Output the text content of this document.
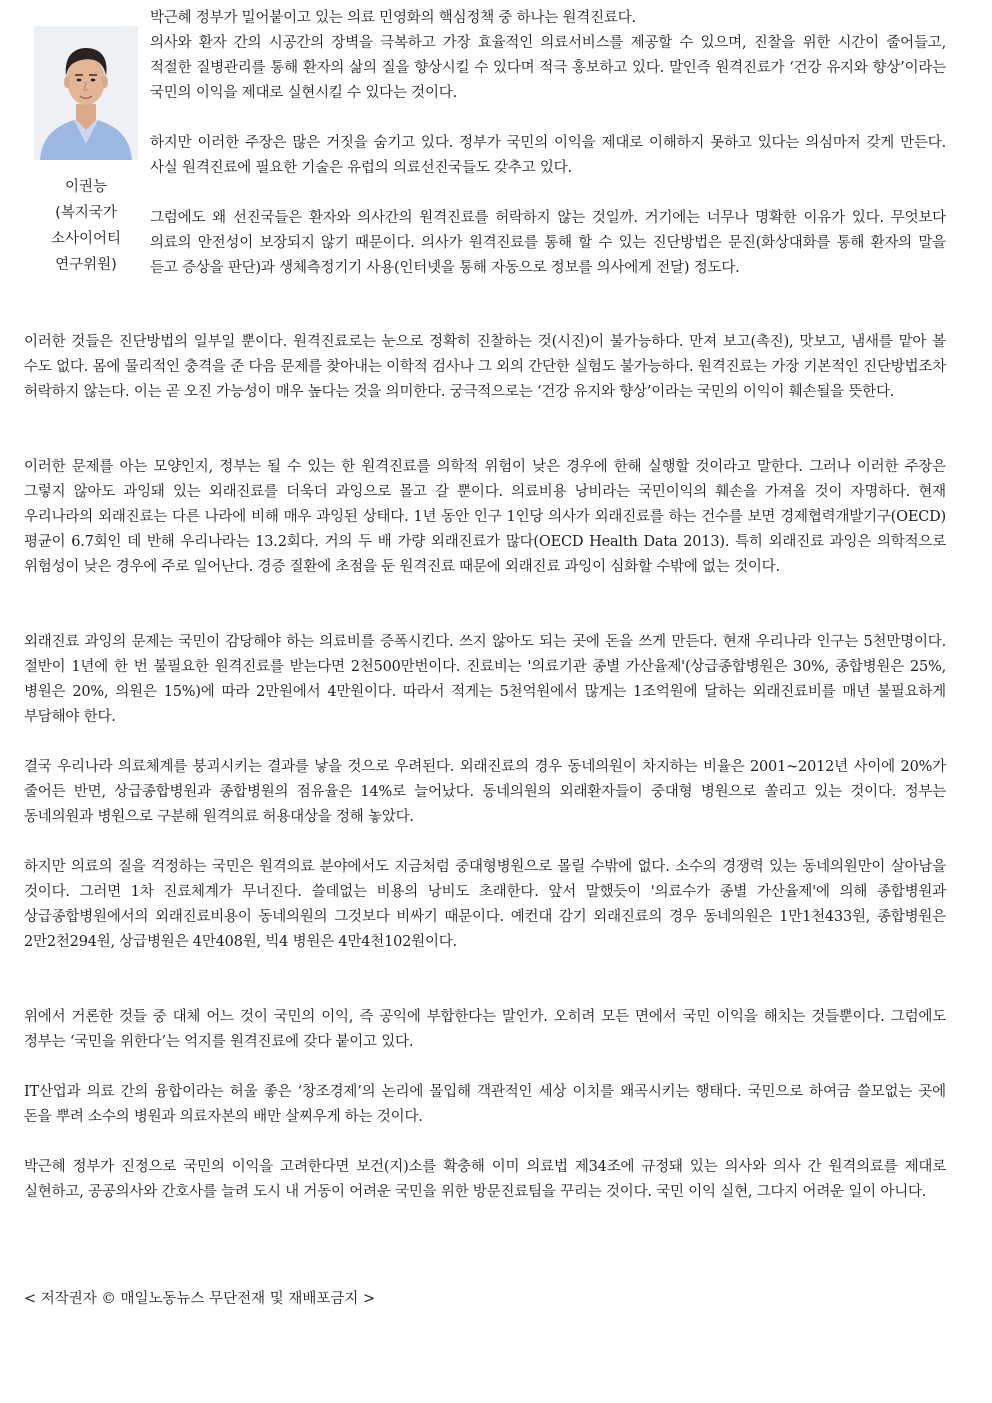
이권능
(복지국가
소사이어티
연구위원)

박근혜 정부가 밀어붙이고 있는 의료 민영화의 핵심정책 중 하나는 원격진료다.

의사와 환자 간의 시공간의 장벽을 극복하고 가장 효율적인 의료서비스를 제공할 수 있으며, 진찰을 위한 시간이 줄어들고, 적절한 질병관리를 통해 환자의 삶의 질을 향상시킬 수 있다며 적극 홍보하고 있다. 말인즉 원격진료가 ‘건강 유지와 향상’이라는 국민의 이익을 제대로 실현시킬 수 있다는 것이다.

하지만 이러한 주장은 많은 거짓을 숨기고 있다. 정부가 국민의 이익을 제대로 이해하지 못하고 있다는 의심마저 갖게 만든다. 사실 원격진료에 필요한 기술은 유럽의 의료선진국들도 갖추고 있다.

그럼에도 왜 선진국들은 환자와 의사간의 원격진료를 허락하지 않는 것일까. 거기에는 너무나 명확한 이유가 있다. 무엇보다 의료의 안전성이 보장되지 않기 때문이다. 의사가 원격진료를 통해 할 수 있는 진단방법은 문진(화상대화를 통해 환자의 말을 듣고 증상을 판단)과 생체측정기기 사용(인터넷을 통해 자동으로 정보를 의사에게 전달) 정도다.

이러한 것들은 진단방법의 일부일 뿐이다. 원격진료로는 눈으로 정확히 진찰하는 것(시진)이 불가능하다. 만져 보고(촉진), 맛보고, 냄새를 맡아 볼 수도 없다. 몸에 물리적인 충격을 준 다음 문제를 찾아내는 이학적 검사나 그 외의 간단한 실험도 불가능하다. 원격진료는 가장 기본적인 진단방법조차 허락하지 않는다. 이는 곧 오진 가능성이 매우 높다는 것을 의미한다. 궁극적으로는 ‘건강 유지와 향상’이라는 국민의 이익이 훼손될을 뜻한다.

이러한 문제를 아는 모양인지, 정부는 될 수 있는 한 원격진료를 의학적 위험이 낮은 경우에 한해 실행할 것이라고 말한다. 그러나 이러한 주장은 그렇지 않아도 과잉돼 있는 외래진료를 더욱더 과잉으로 몰고 갈 뿐이다. 의료비용 낭비라는 국민이익의 훼손을 가져올 것이 자명하다. 현재 우리나라의 외래진료는 다른 나라에 비해 매우 과잉된 상태다. 1년 동안 인구 1인당 의사가 외래진료를 하는 건수를 보면 경제협력개발기구(OECD) 평균이 6.7회인 데 반해 우리나라는 13.2회다. 거의 두 배 가량 외래진료가 많다(OECD Health Data 2013). 특히 외래진료 과잉은 의학적으로 위험성이 낮은 경우에 주로 일어난다. 경증 질환에 초점을 둔 원격진료 때문에 외래진료 과잉이 심화할 수밖에 없는 것이다.

외래진료 과잉의 문제는 국민이 감당해야 하는 의료비를 증폭시킨다. 쓰지 않아도 되는 곳에 돈을 쓰게 만든다. 현재 우리나라 인구는 5천만명이다. 절반이 1년에 한 번 불필요한 원격진료를 받는다면 2천500만번이다. 진료비는 '의료기관 종별 가산율제'(상급종합병원은 30%, 종합병원은 25%, 병원은 20%, 의원은 15%)에 따라 2만원에서 4만원이다. 따라서 적게는 5천억원에서 많게는 1조억원에 달하는 외래진료비를 매년 불필요하게 부담해야 한다.

결국 우리나라 의료체계를 붕괴시키는 결과를 낳을 것으로 우려된다. 외래진료의 경우 동네의원이 차지하는 비율은 2001~2012년 사이에 20%가 줄어든 반면, 상급종합병원과 종합병원의 점유율은 14%로 늘어났다. 동네의원의 외래환자들이 중대형 병원으로 쏠리고 있는 것이다. 정부는 동네의원과 병원으로 구분해 원격의료 허용대상을 정해 놓았다.

하지만 의료의 질을 걱정하는 국민은 원격의료 분야에서도 지금처럼 중대형병원으로 몰릴 수밖에 없다. 소수의 경쟁력 있는 동네의원만이 살아남을 것이다. 그러면 1차 진료체계가 무너진다. 쓸데없는 비용의 낭비도 초래한다. 앞서 말했듯이 '의료수가 종별 가산율제'에 의해 종합병원과 상급종합병원에서의 외래진료비용이 동네의원의 그것보다 비싸기 때문이다. 예컨대 감기 외래진료의 경우 동네의원은 1만1천433원, 종합병원은 2만2천294원, 상급병원은 4만408원, 빅4 병원은 4만4천102원이다.

위에서 거론한 것들 중 대체 어느 것이 국민의 이익, 즉 공익에 부합한다는 말인가. 오히려 모든 면에서 국민 이익을 해치는 것들뿐이다. 그럼에도 정부는 ‘국민을 위한다’는 억지를 원격진료에 갖다 붙이고 있다.

IT산업과 의료 간의 융합이라는 허울 좋은 ‘창조경제’의 논리에 몰입해 객관적인 세상 이치를 왜곡시키는 행태다. 국민으로 하여금 쓸모없는 곳에 돈을 뿌려 소수의 병원과 의료자본의 배만 살찌우게 하는 것이다.

박근혜 정부가 진정으로 국민의 이익을 고려한다면 보건(지)소를 확충해 이미 의료법 제34조에 규정돼 있는 의사와 의사 간 원격의료를 제대로 실현하고, 공공의사와 간호사를 늘려 도시 내 거동이 어려운 국민을 위한 방문진료팀을 꾸리는 것이다. 국민 이익 실현, 그다지 어려운 일이 아니다.

< 저작권자 © 매일노동뉴스 무단전재 및 재배포금지 >
